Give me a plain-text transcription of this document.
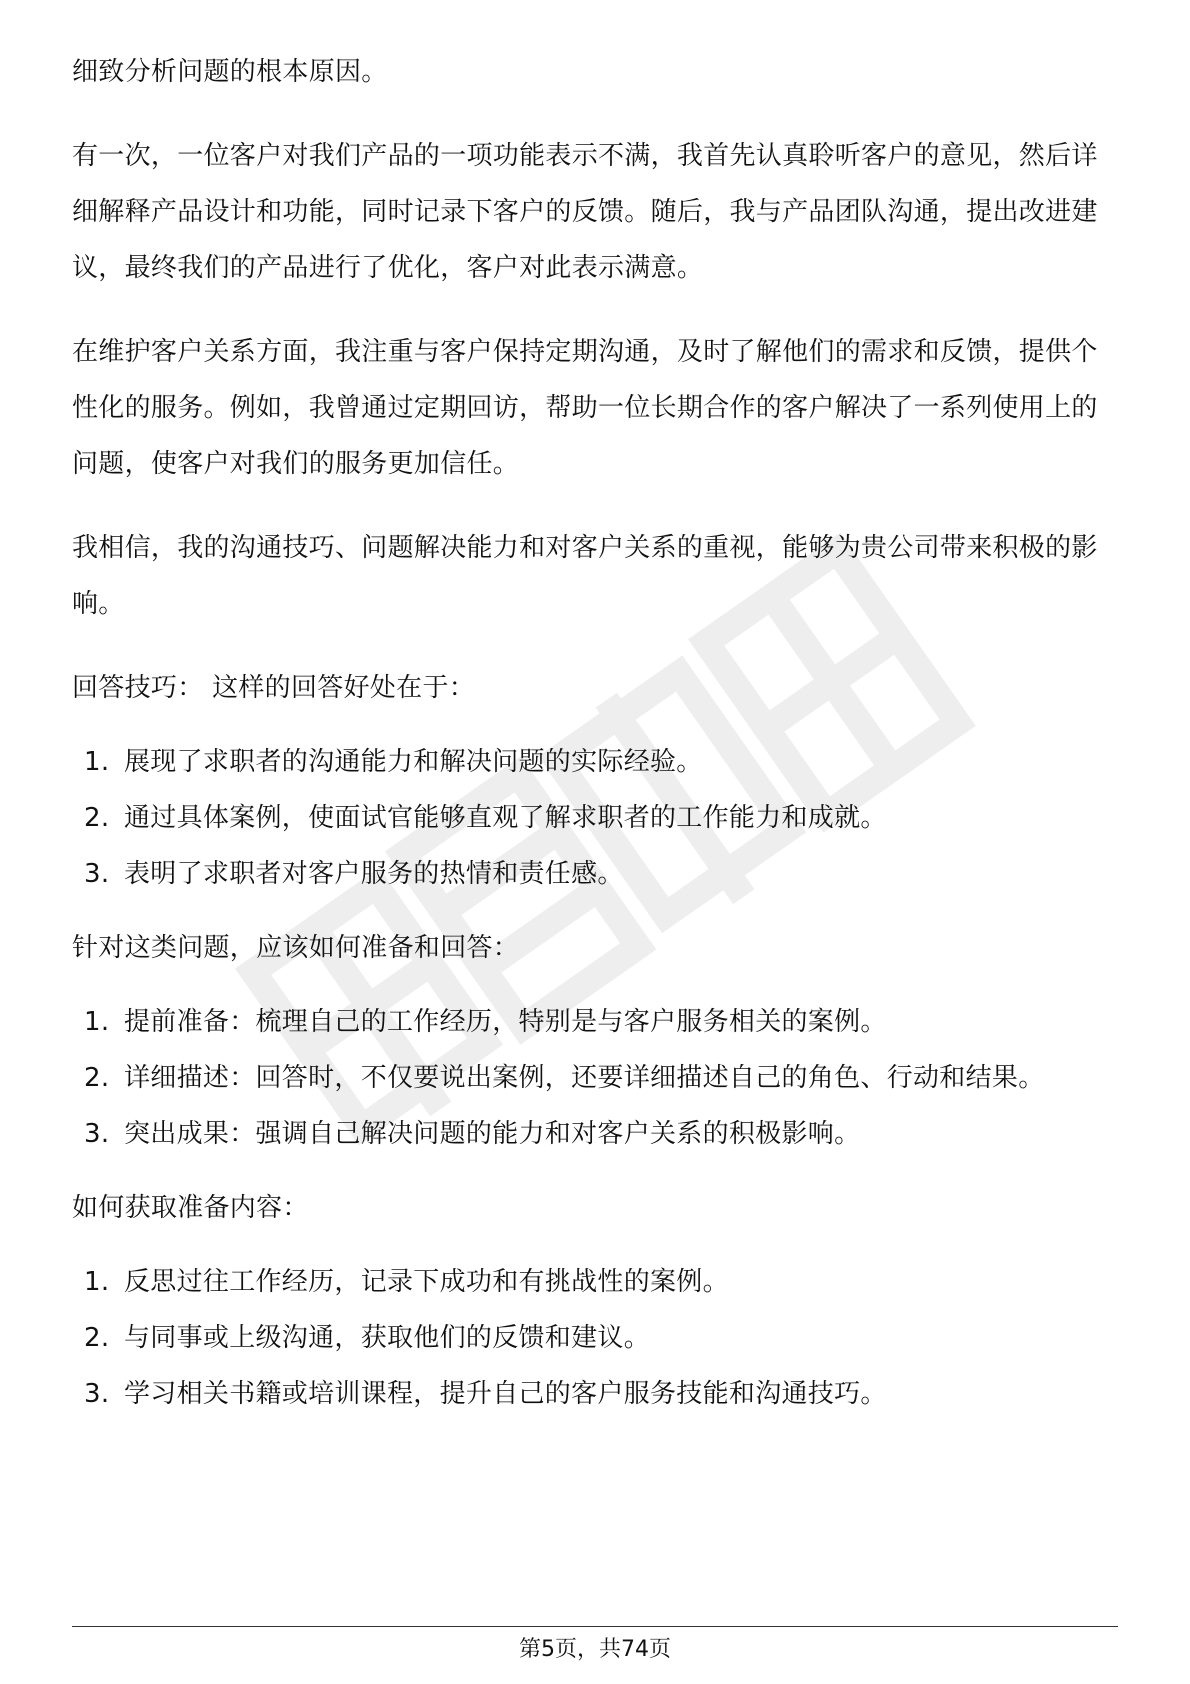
细致分析问题的根本原因。

有一次，一位客户对我们产品的一项功能表示不满，我首先认真聆听客户的意见，然后详细解释产品设计和功能，同时记录下客户的反馈。随后，我与产品团队沟通，提出改进建议，最终我们的产品进行了优化，客户对此表示满意。

在维护客户关系方面，我注重与客户保持定期沟通，及时了解他们的需求和反馈，提供个性化的服务。例如，我曾通过定期回访，帮助一位长期合作的客户解决了一系列使用上的问题，使客户对我们的服务更加信任。

我相信，我的沟通技巧、问题解决能力和对客户关系的重视，能够为贵公司带来积极的影响。

回答技巧： 这样的回答好处在于：

1. 展现了求职者的沟通能力和解决问题的实际经验。
2. 通过具体案例，使面试官能够直观了解求职者的工作能力和成就。
3. 表明了求职者对客户服务的热情和责任感。

针对这类问题，应该如何准备和回答：

1. 提前准备：梳理自己的工作经历，特别是与客户服务相关的案例。
2. 详细描述：回答时，不仅要说出案例，还要详细描述自己的角色、行动和结果。
3. 突出成果：强调自己解决问题的能力和对客户关系的积极影响。

如何获取准备内容：

1. 反思过往工作经历，记录下成功和有挑战性的案例。
2. 与同事或上级沟通，获取他们的反馈和建议。
3. 学习相关书籍或培训课程，提升自己的客户服务技能和沟通技巧。
第5页，共74页
